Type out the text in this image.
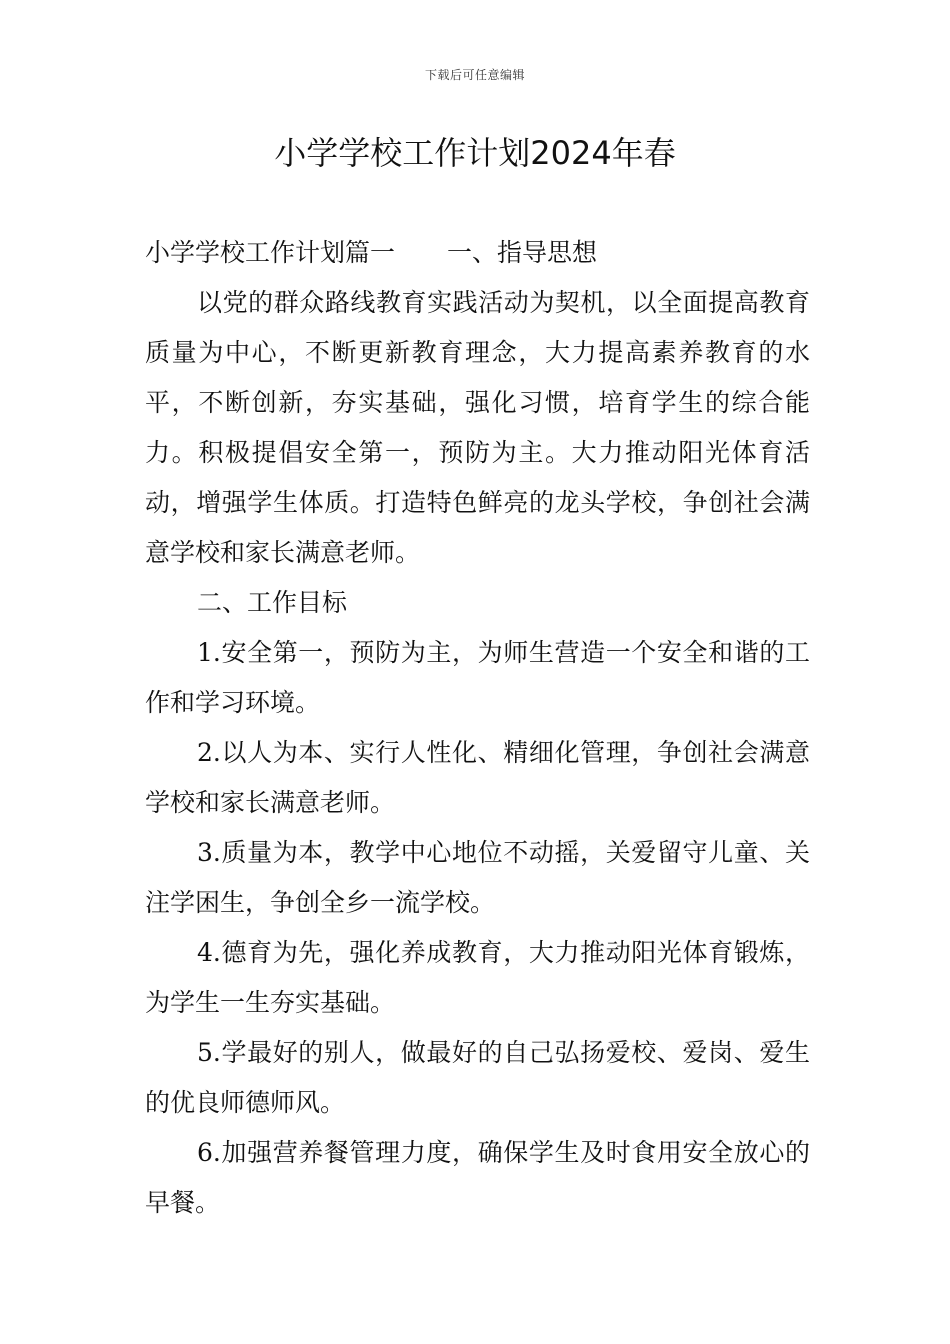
下载后可任意编辑
小学学校工作计划2024年春

小学学校工作计划篇一 一、指导思想

以党的群众路线教育实践活动为契机，以全面提高教育质量为中心，不断更新教育理念，大力提高素养教育的水平，不断创新，夯实基础，强化习惯，培育学生的综合能力。积极提倡安全第一，预防为主。大力推动阳光体育活动，增强学生体质。打造特色鲜亮的龙头学校，争创社会满意学校和家长满意老师。

二、工作目标

1.安全第一，预防为主，为师生营造一个安全和谐的工作和学习环境。

2.以人为本、实行人性化、精细化管理，争创社会满意学校和家长满意老师。

3.质量为本，教学中心地位不动摇，关爱留守儿童、关注学困生，争创全乡一流学校。

4.德育为先，强化养成教育，大力推动阳光体育锻炼，为学生一生夯实基础。

5.学最好的别人，做最好的自己弘扬爱校、爱岗、爱生的优良师德师风。

6.加强营养餐管理力度，确保学生及时食用安全放心的早餐。
